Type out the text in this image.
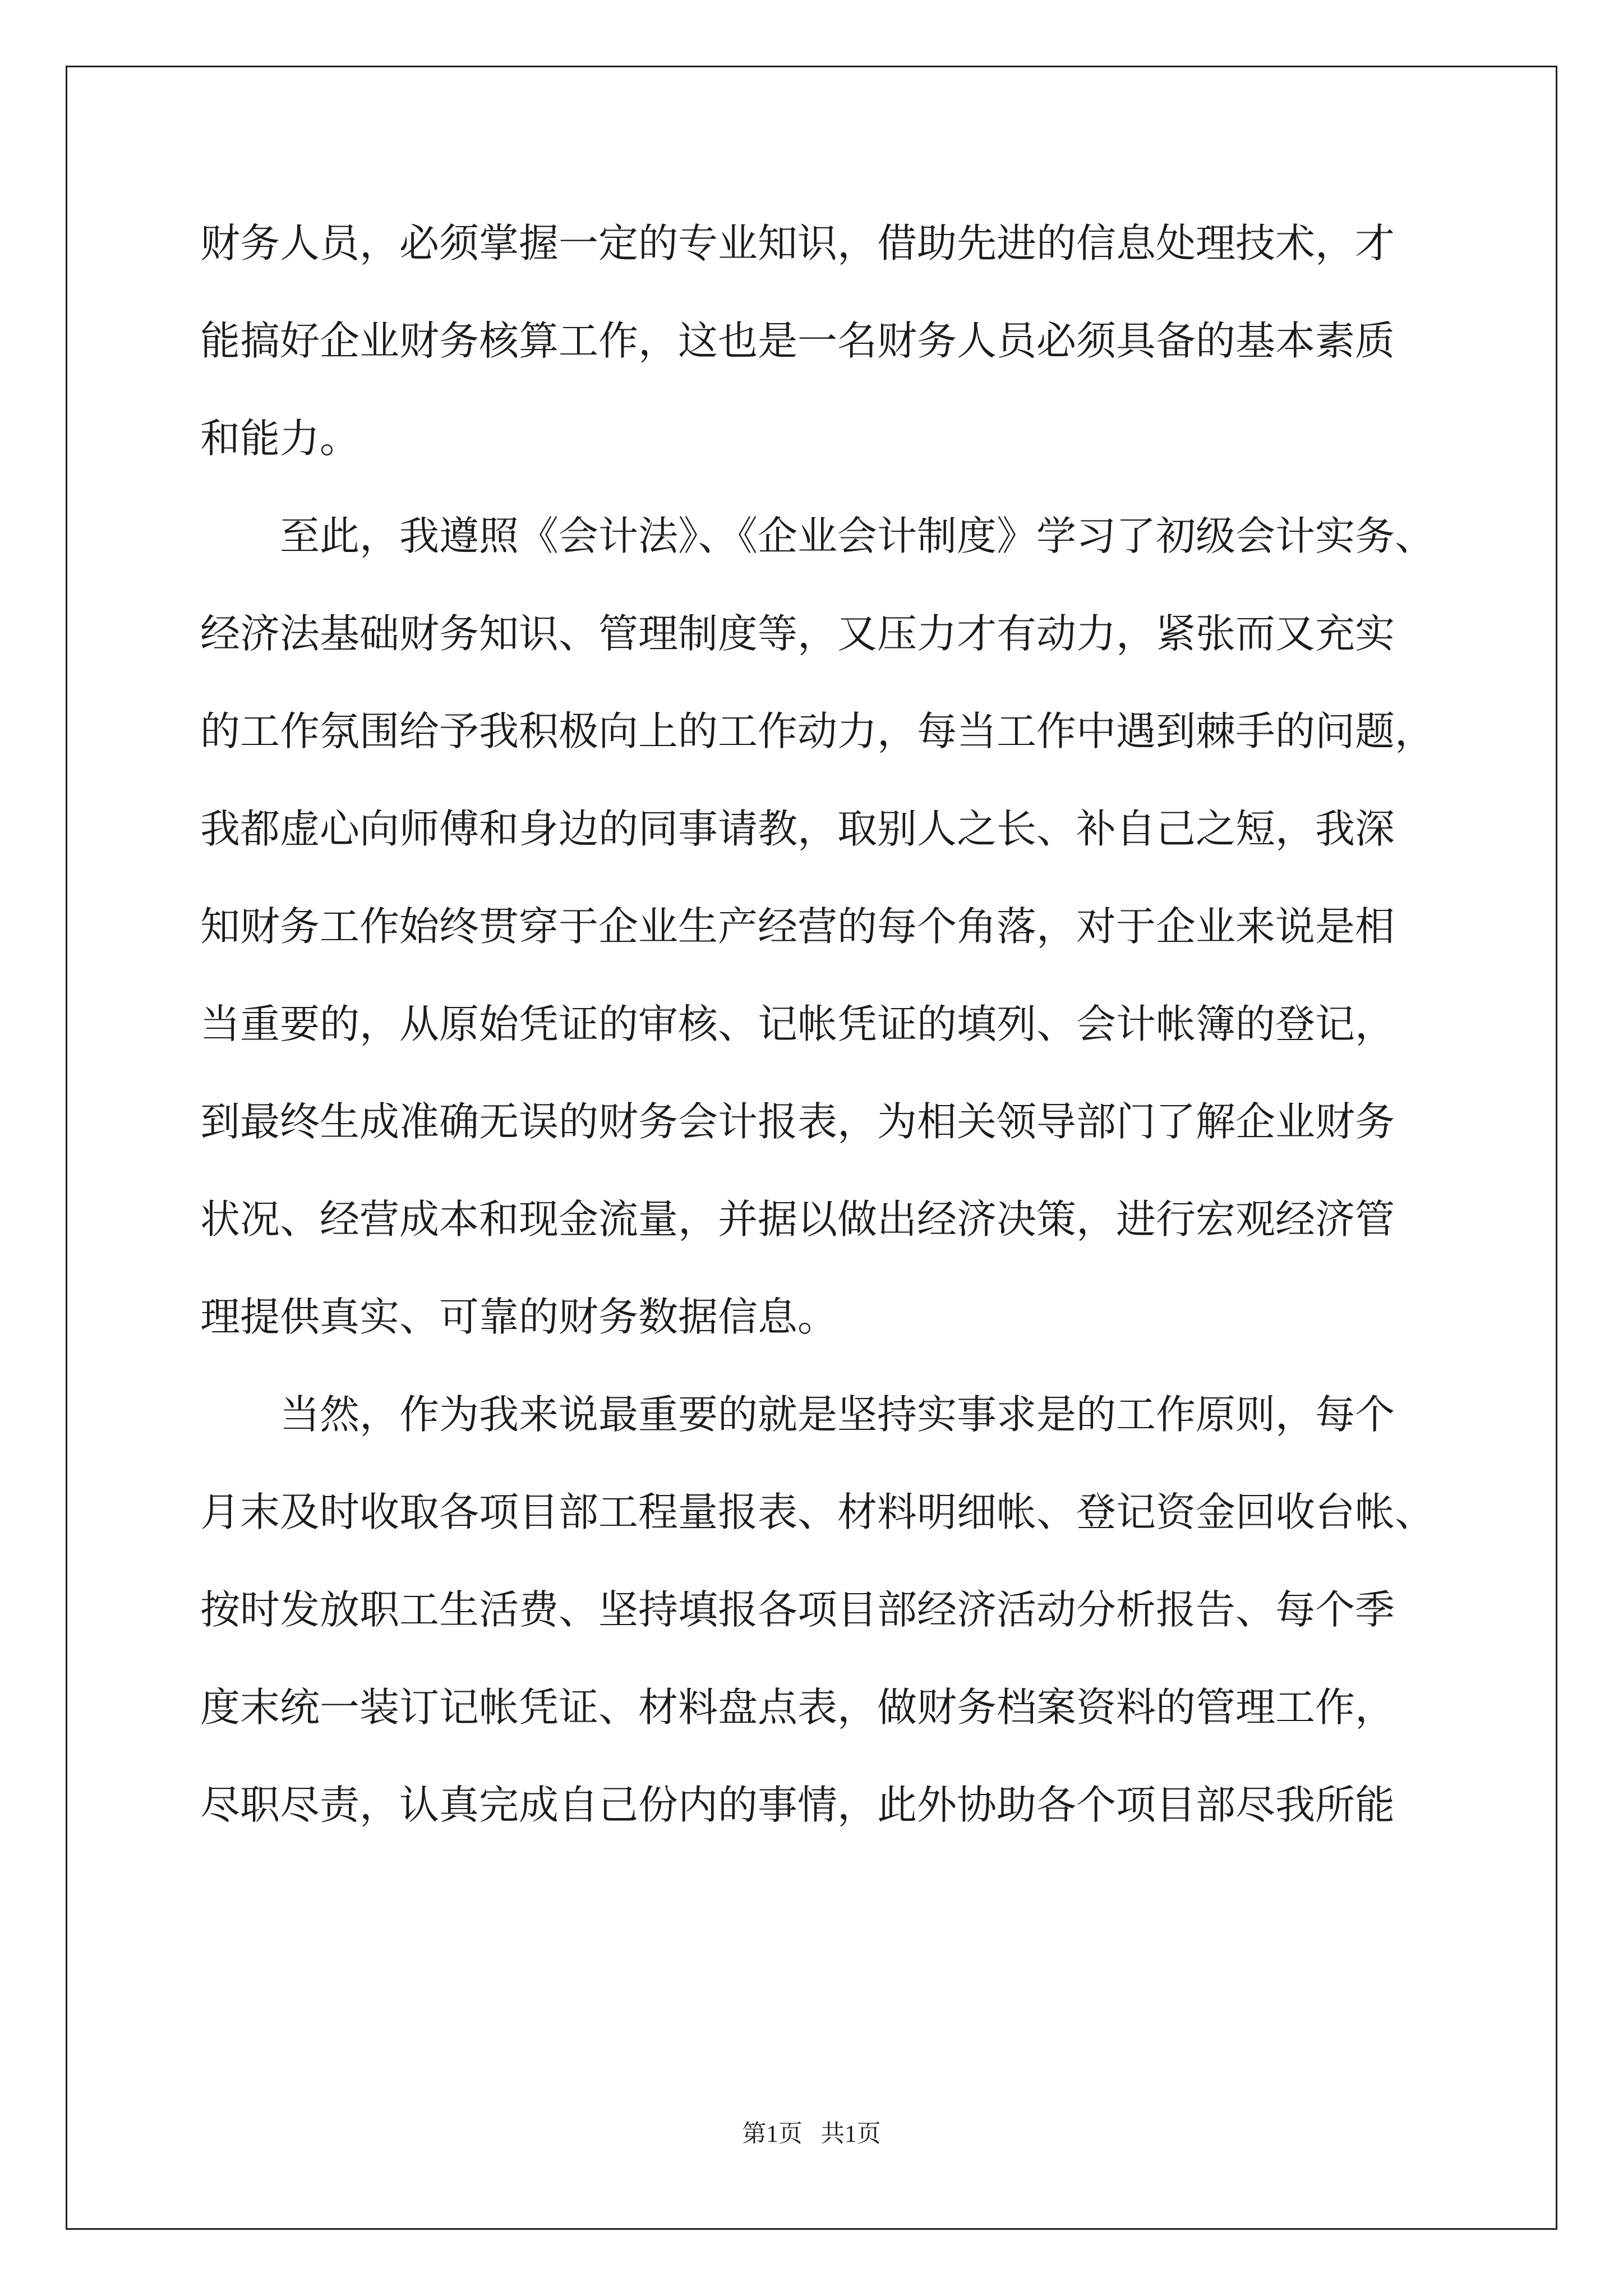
财务人员，必须掌握一定的专业知识，借助先进的信息处理技术，才
能搞好企业财务核算工作，这也是一名财务人员必须具备的基本素质
和能力。
至此，我遵照《会计法》、《企业会计制度》学习了初级会计实务、
经济法基础财务知识、管理制度等，又压力才有动力，紧张而又充实
的工作氛围给予我积极向上的工作动力，每当工作中遇到棘手的问题，
我都虚心向师傅和身边的同事请教，取别人之长、补自己之短，我深
知财务工作始终贯穿于企业生产经营的每个角落，对于企业来说是相
当重要的，从原始凭证的审核、记帐凭证的填列、会计帐簿的登记，
到最终生成准确无误的财务会计报表，为相关领导部门了解企业财务
状况、经营成本和现金流量，并据以做出经济决策，进行宏观经济管
理提供真实、可靠的财务数据信息。
当然，作为我来说最重要的就是坚持实事求是的工作原则，每个
月末及时收取各项目部工程量报表、材料明细帐、登记资金回收台帐、
按时发放职工生活费、坚持填报各项目部经济活动分析报告、每个季
度末统一装订记帐凭证、材料盘点表，做财务档案资料的管理工作，
尽职尽责，认真完成自己份内的事情，此外协助各个项目部尽我所能
第1页   共1页
